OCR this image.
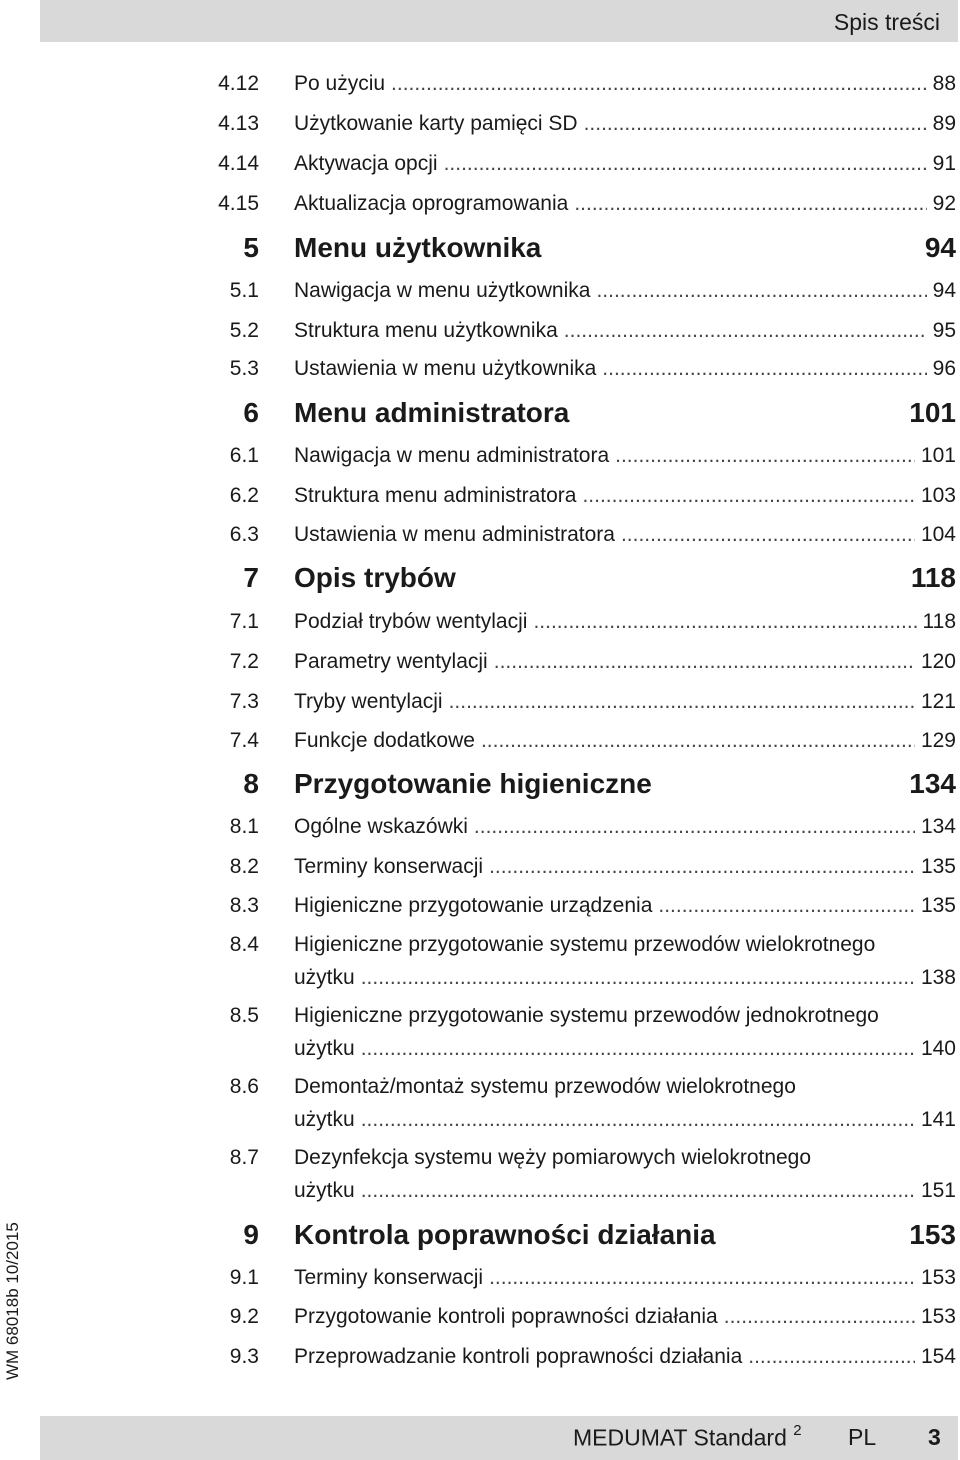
Spis treści
WM 68018b 10/2015
4.12 Po użyciu .....	88
4.13 Użytkowanie karty pamięci SD .....	89
4.14 Aktywacja opcji .....	91
4.15 Aktualizacja oprogramowania .....	92
5 Menu użytkownika	94
5.1 Nawigacja w menu użytkownika .....	94
5.2 Struktura menu użytkownika .....	95
5.3 Ustawienia w menu użytkownika .....	96
6 Menu administratora	101
6.1 Nawigacja w menu administratora .....	101
6.2 Struktura menu administratora .....	103
6.3 Ustawienia w menu administratora .....	104
7 Opis trybów	118
7.1 Podział trybów wentylacji .....	118
7.2 Parametry wentylacji .....	120
7.3 Tryby wentylacji .....	121
7.4 Funkcje dodatkowe .....	129
8 Przygotowanie higieniczne	134
8.1 Ogólne wskazówki .....	134
8.2 Terminy konserwacji .....	135
8.3 Higieniczne przygotowanie urządzenia .....	135
8.4 Higieniczne przygotowanie systemu przewodów wielokrotnego
użytku .....	138
8.5 Higieniczne przygotowanie systemu przewodów jednokrotnego
użytku .....	140
8.6 Demontaż/montaż systemu przewodów wielokrotnego
użytku .....	141
8.7 Dezynfekcja systemu węży pomiarowych wielokrotnego
użytku .....	151
9 Kontrola poprawności działania	153
9.1 Terminy konserwacji .....	153
9.2 Przygotowanie kontroli poprawności działania .....	153
9.3 Przeprowadzanie kontroli poprawności działania .....	154
MEDUMAT Standard $^2$ PL 3
